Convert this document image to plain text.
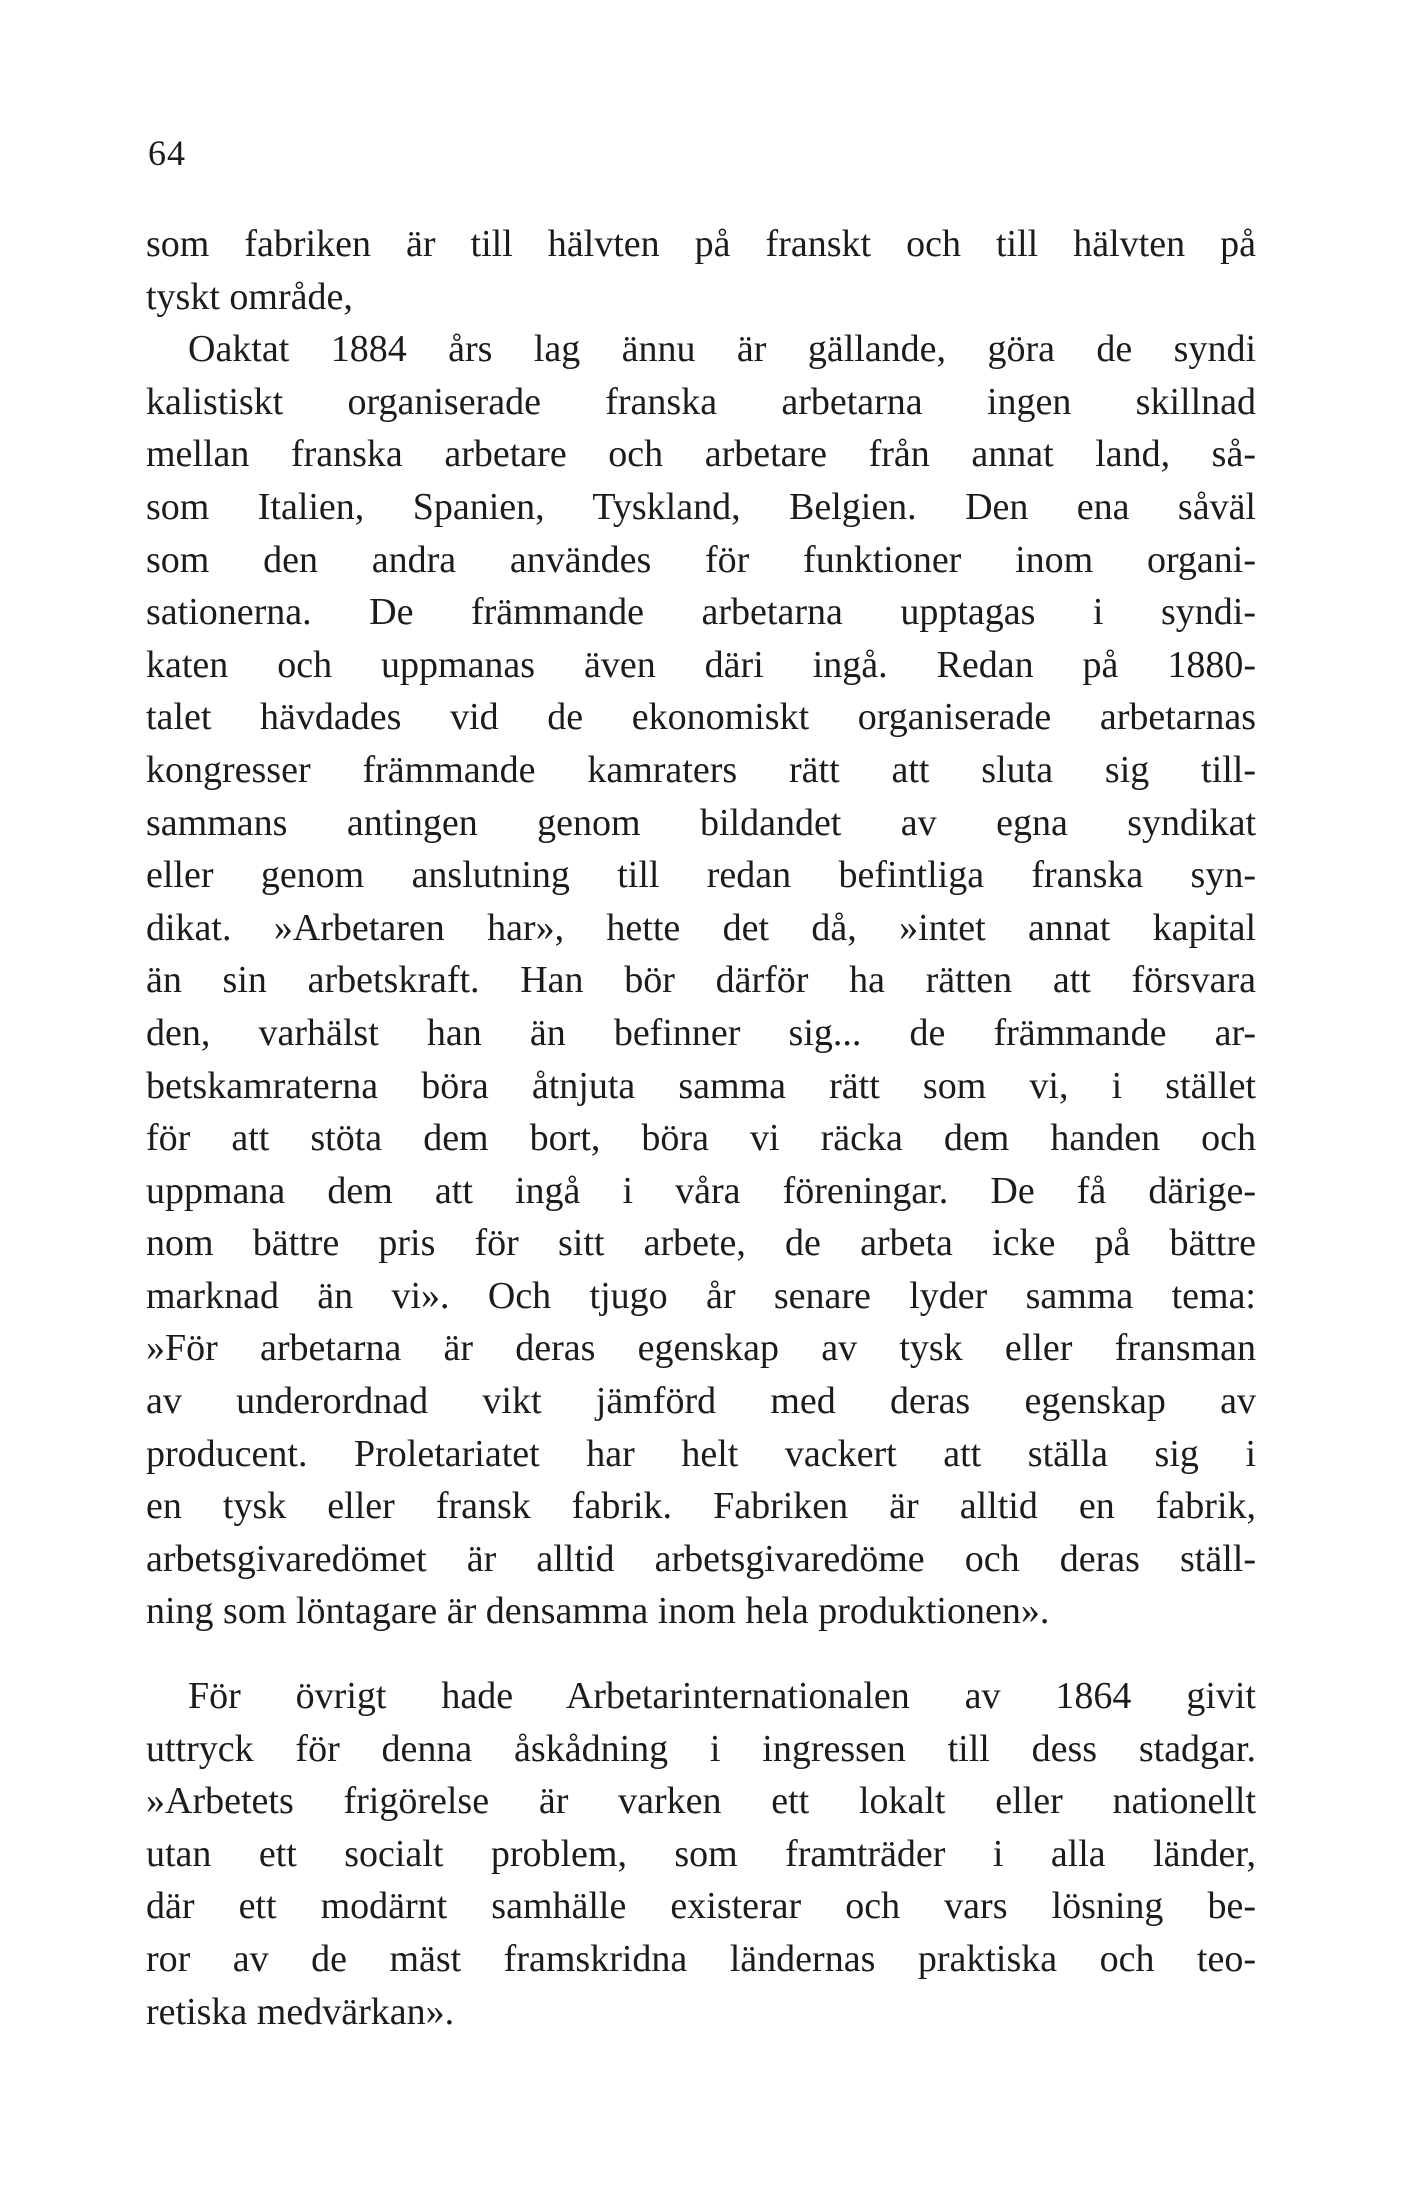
64
som fabriken är till hälvten på franskt och till hälvten på
tyskt område,
Oaktat 1884 års lag ännu är gällande, göra de syndi
kalistiskt organiserade franska arbetarna ingen skillnad
mellan franska arbetare och arbetare från annat land, så-
som Italien, Spanien, Tyskland, Belgien. Den ena såväl
som den andra användes för funktioner inom organi-
sationerna. De främmande arbetarna upptagas i syndi-
katen och uppmanas även däri ingå. Redan på 1880-
talet hävdades vid de ekonomiskt organiserade arbetarnas
kongresser främmande kamraters rätt att sluta sig till-
sammans antingen genom bildandet av egna syndikat
eller genom anslutning till redan befintliga franska syn-
dikat. »Arbetaren har», hette det då, »intet annat kapital
än sin arbetskraft. Han bör därför ha rätten att försvara
den, varhälst han än befinner sig... de främmande ar-
betskamraterna böra åtnjuta samma rätt som vi, i stället
för att stöta dem bort, böra vi räcka dem handen och
uppmana dem att ingå i våra föreningar. De få därige-
nom bättre pris för sitt arbete, de arbeta icke på bättre
marknad än vi». Och tjugo år senare lyder samma tema:
»För arbetarna är deras egenskap av tysk eller fransman
av underordnad vikt jämförd med deras egenskap av
producent. Proletariatet har helt vackert att ställa sig i
en tysk eller fransk fabrik. Fabriken är alltid en fabrik,
arbetsgivaredömet är alltid arbetsgivaredöme och deras ställ-
ning som löntagare är densamma inom hela produktionen».
För övrigt hade Arbetarinternationalen av 1864 givit
uttryck för denna åskådning i ingressen till dess stadgar.
»Arbetets frigörelse är varken ett lokalt eller nationellt
utan ett socialt problem, som framträder i alla länder,
där ett modärnt samhälle existerar och vars lösning be-
ror av de mäst framskridna ländernas praktiska och teo-
retiska medvärkan».
